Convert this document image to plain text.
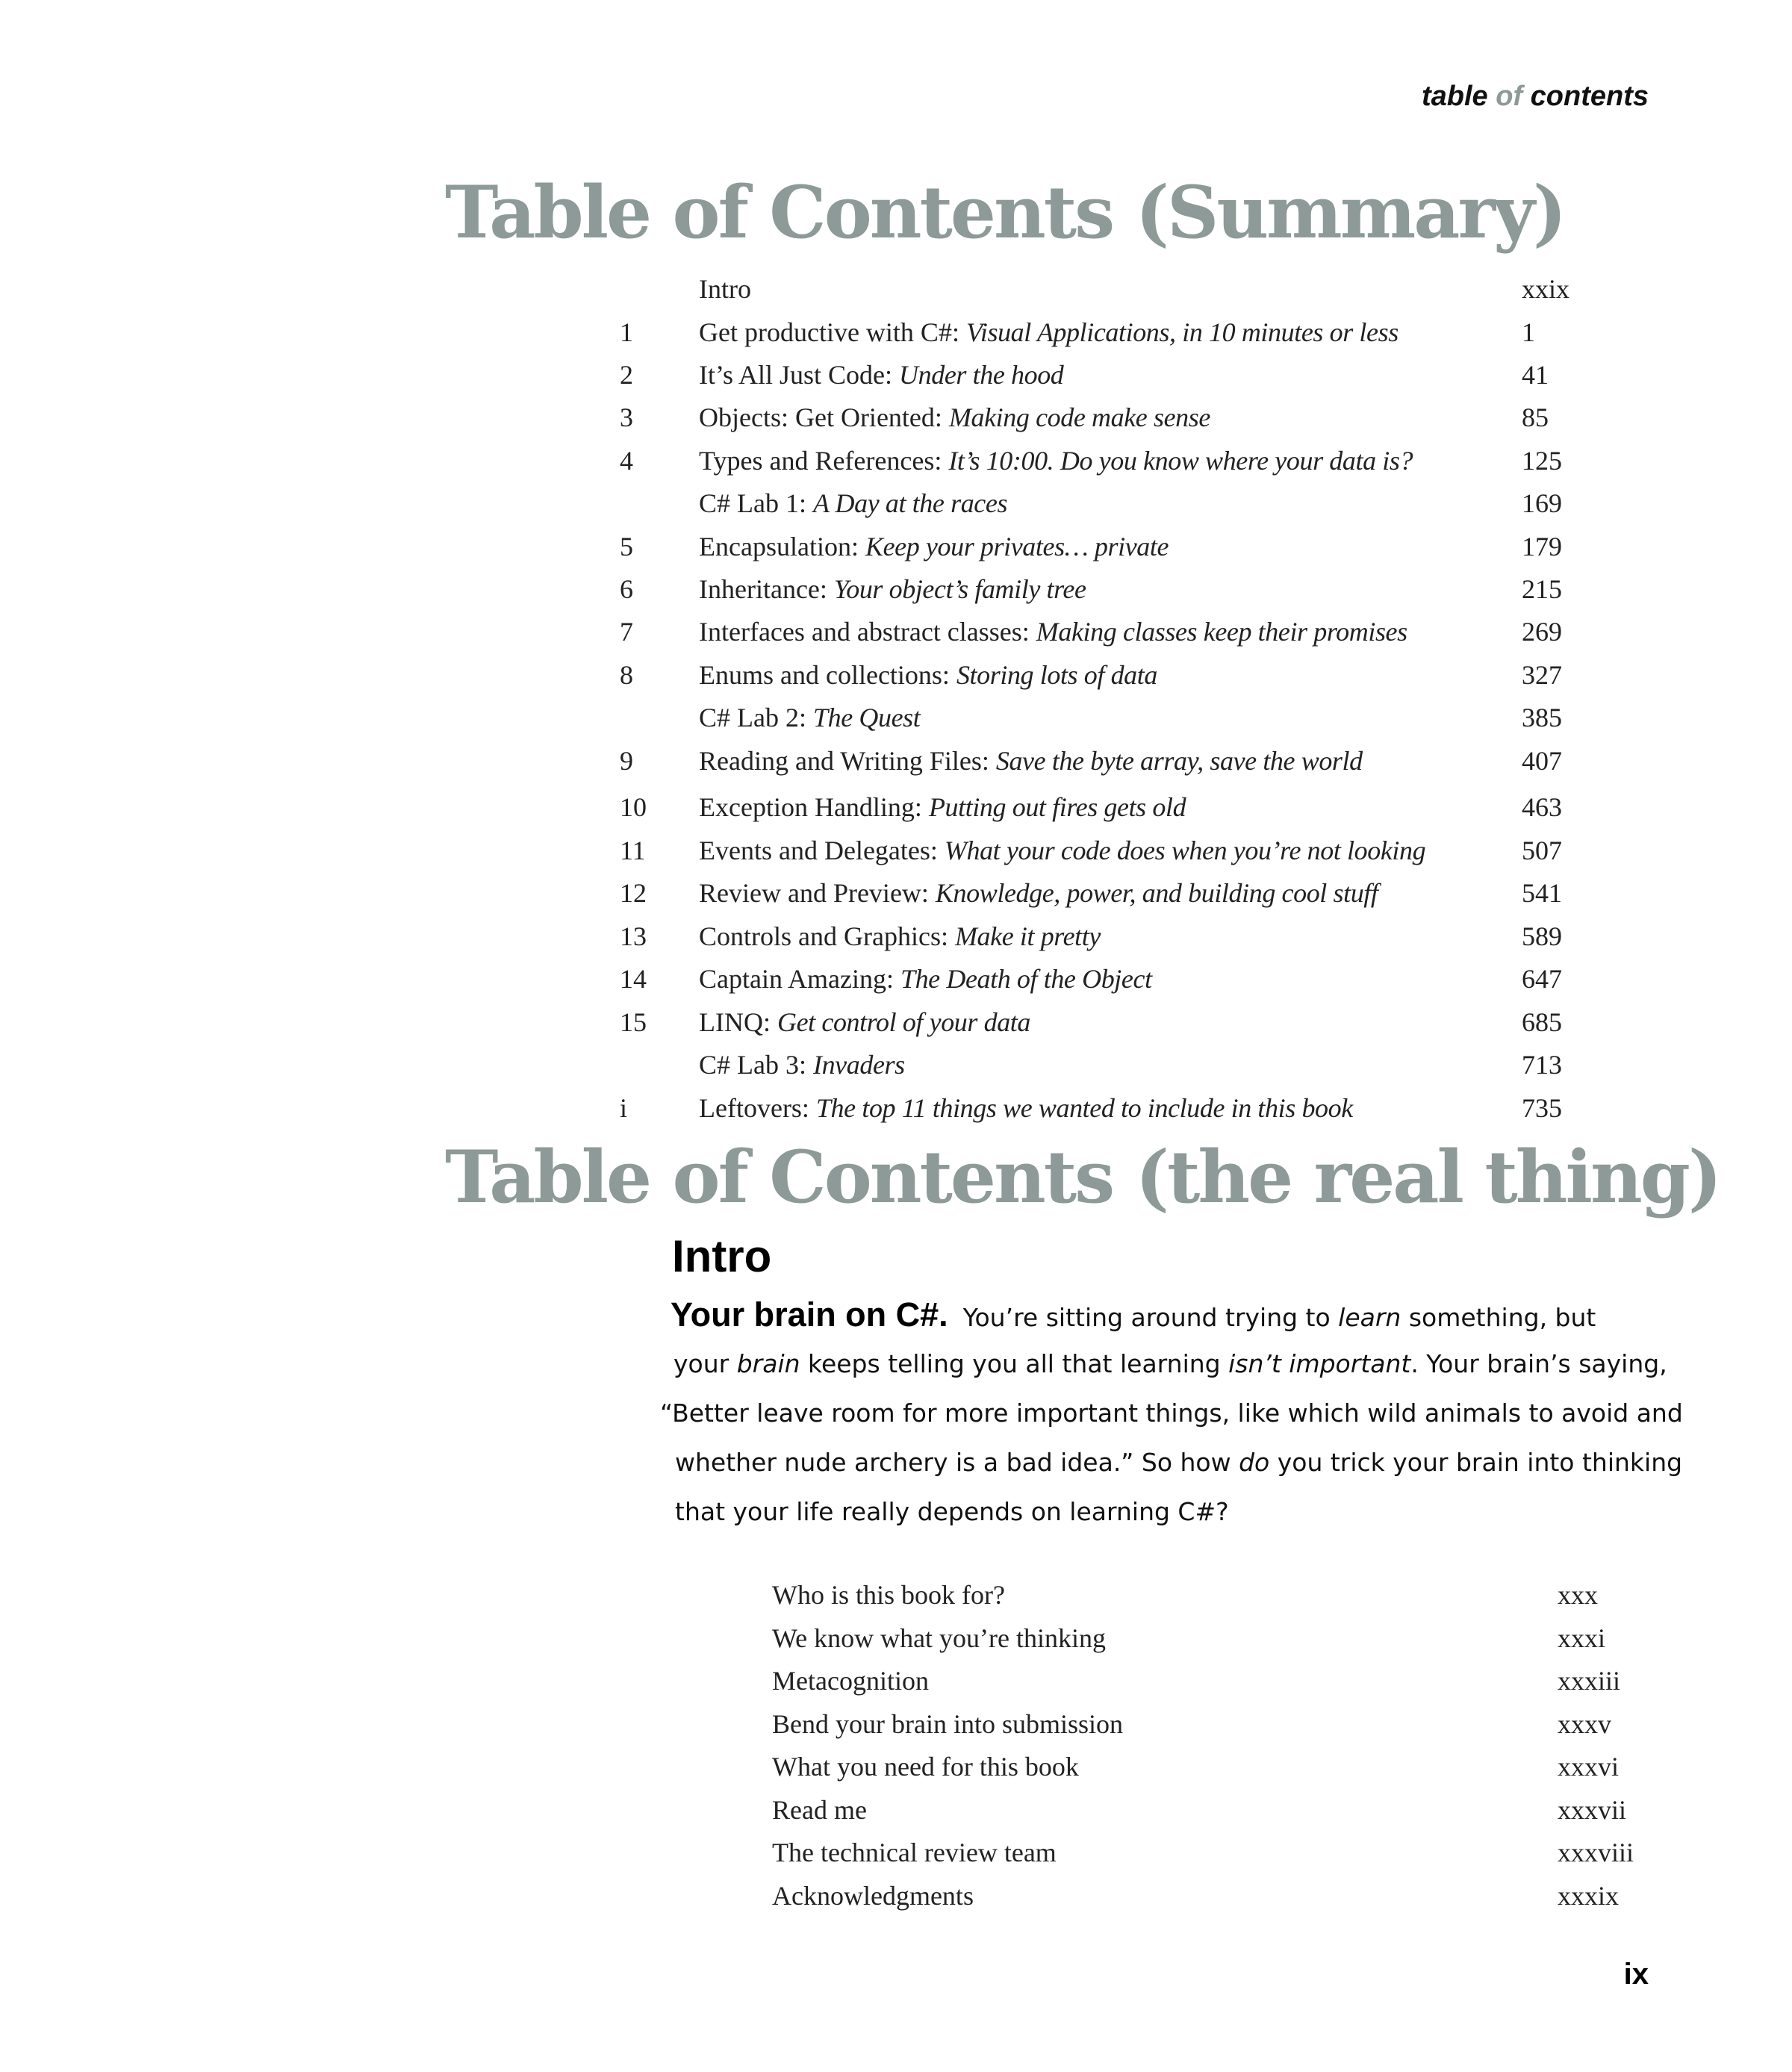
table of contents
Table of Contents (Summary)
Intro	xxix
1 Get productive with C#: Visual Applications, in 10 minutes or less	1
2 It’s All Just Code: Under the hood	41
3 Objects: Get Oriented: Making code make sense	85
4 Types and References: It’s 10:00. Do you know where your data is?	125
C# Lab 1: A Day at the races	169
5 Encapsulation: Keep your privates… private	179
6 Inheritance: Your object’s family tree	215
7 Interfaces and abstract classes: Making classes keep their promises	269
8 Enums and collections: Storing lots of data	327
C# Lab 2: The Quest	385
9 Reading and Writing Files: Save the byte array, save the world	407
10 Exception Handling: Putting out fires gets old	463
11 Events and Delegates: What your code does when you’re not looking	507
12 Review and Preview: Knowledge, power, and building cool stuff	541
13 Controls and Graphics: Make it pretty	589
14 Captain Amazing: The Death of the Object	647
15 LINQ: Get control of your data	685
C# Lab 3: Invaders	713
i	Leftovers: The top 11 things we wanted to include in this book	735
Table of Contents (the real thing)
Intro
Your brain on C#. You’re sitting around trying to learn something, but
your brain keeps telling you all that learning isn’t important. Your brain’s saying,
“Better leave room for more important things, like which wild animals to avoid and
whether nude archery is a bad idea.” So how do you trick your brain into thinking
that your life really depends on learning C#?
Who is this book for?	xxx
We know what you’re thinking	xxxi
Metacognition	xxxiii
Bend your brain into submission	xxxv
What you need for this book	xxxvi
Read me	xxxvii
The technical review team	xxxviii
Acknowledgments	xxxix
ix
